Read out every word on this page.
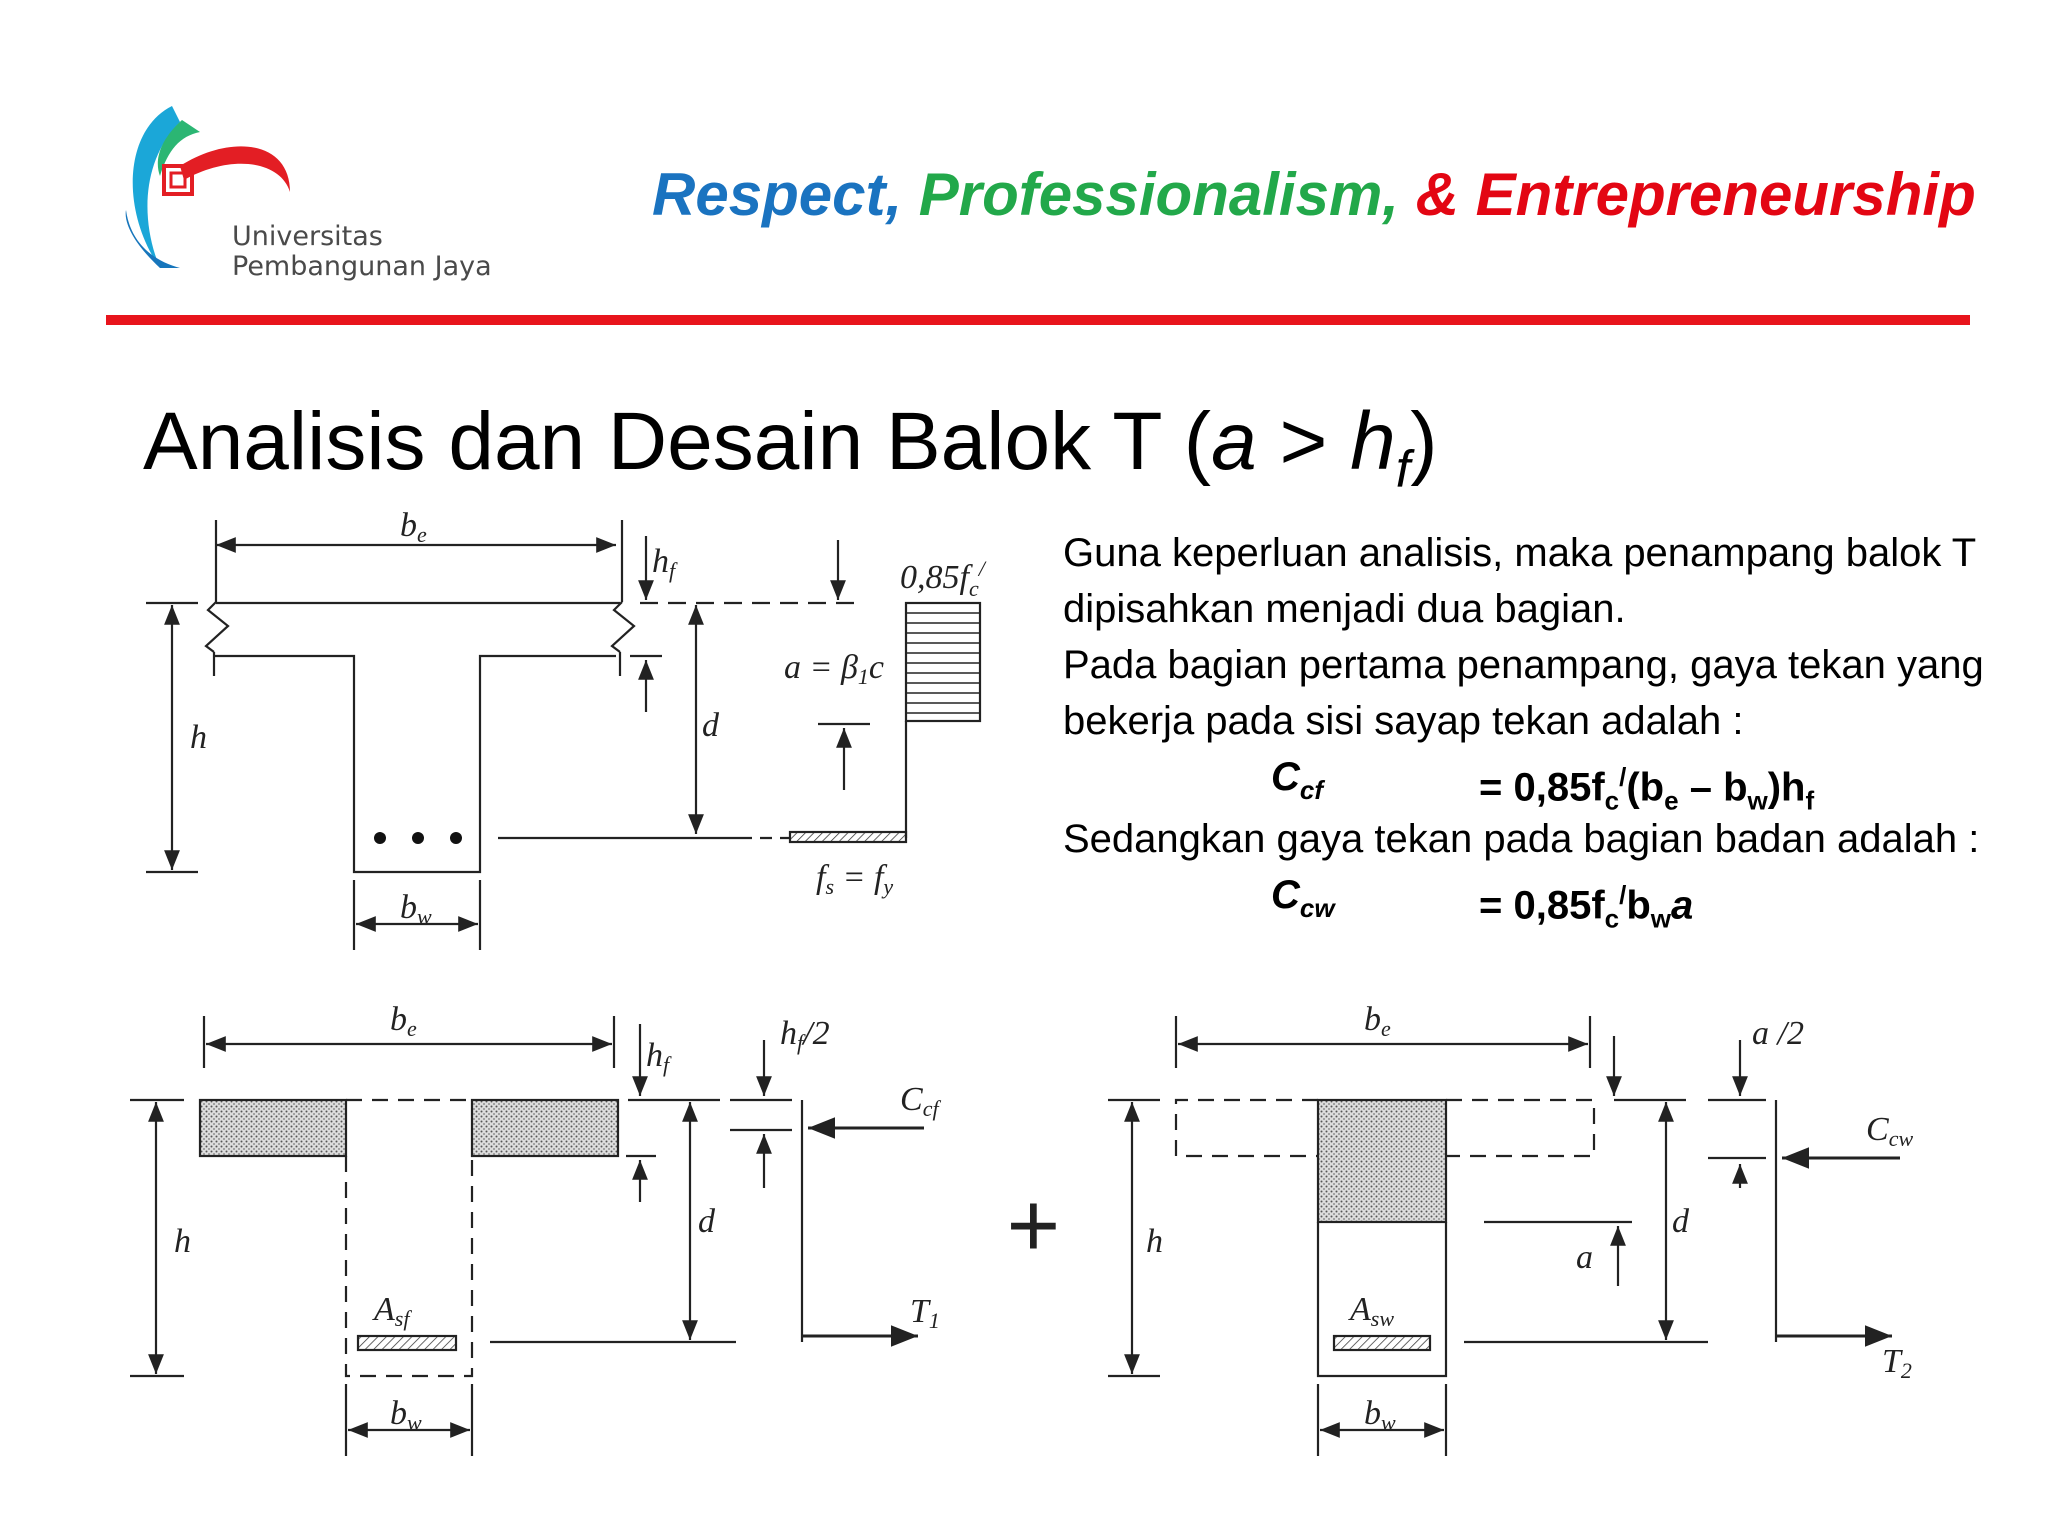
Universitas
Pembangunan Jaya
Respect, Professionalism, & Entrepreneurship
Analisis dan Desain Balok T $(a > h_f)$

Guna keperluan analisis, maka penampang balok T dipisahkan menjadi dua bagian.

Pada bagian pertama penampang, gaya tekan yang bekerja pada sisi sayap tekan adalah :

$C_{cf}$	= $0,85f_c^/(b_e - b_w)h_f$

Sedangkan gaya tekan pada bagian badan adalah :

$C_{cw}$	= $0,85f_c^/b_wa$
be
hf
h	d
a = β1c
$0,85f_c^/$
fs = fy
bw
be
hf
hf/2
Ccf
h
d
Asf	T1
bw
+
be	a /2
Ccw
h
d
a
Asw
T2
bw
